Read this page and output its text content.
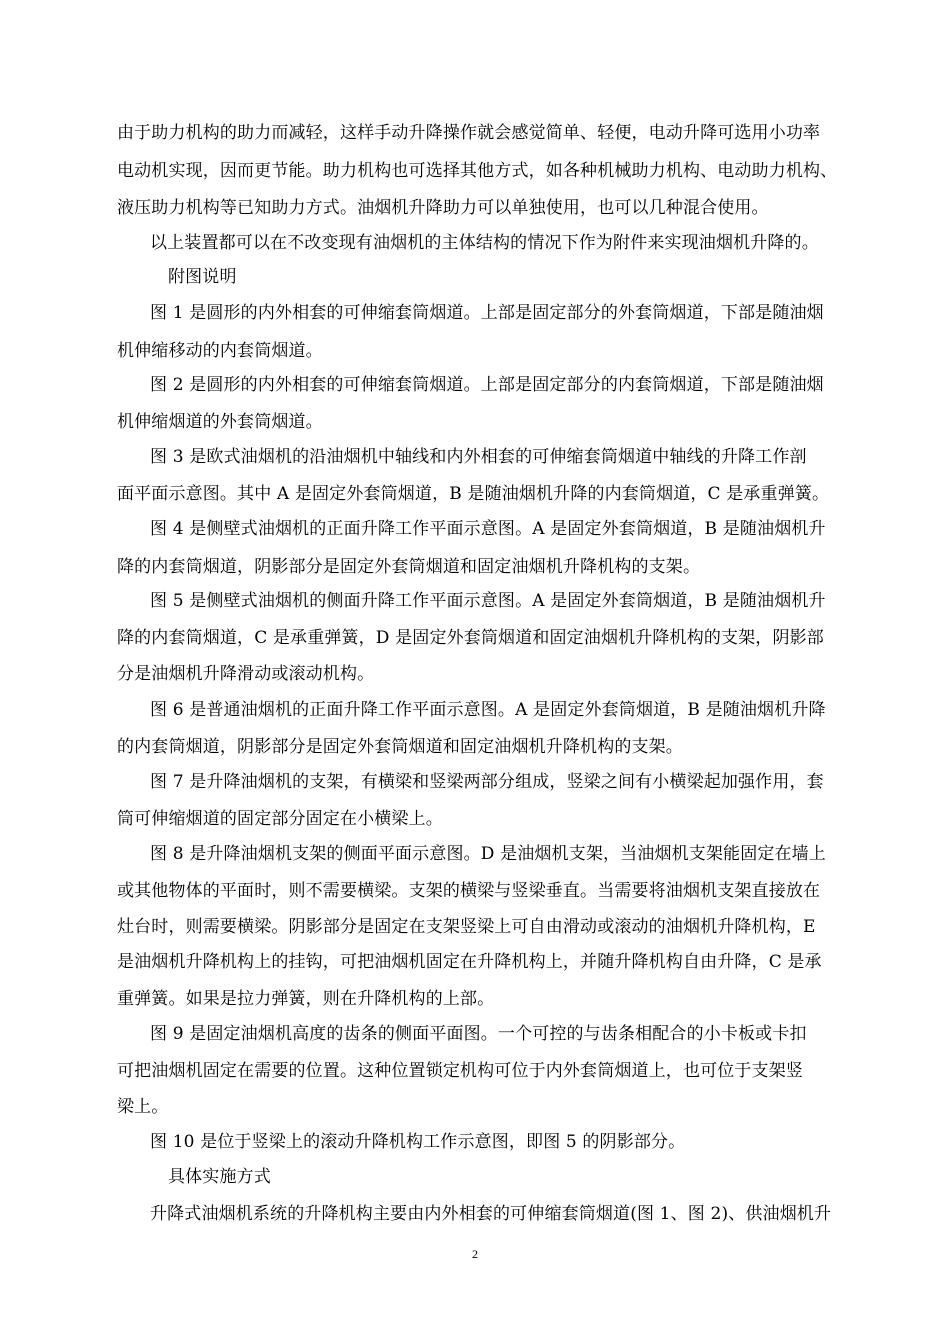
由于助力机构的助力而减轻，这样手动升降操作就会感觉简单、轻便，电动升降可选用小功率
电动机实现，因而更节能。助力机构也可选择其他方式，如各种机械助力机构、电动助力机构、
液压助力机构等已知助力方式。油烟机升降助力可以单独使用，也可以几种混合使用。
以上装置都可以在不改变现有油烟机的主体结构的情况下作为附件来实现油烟机升降的。
附图说明
图 1 是圆形的内外相套的可伸缩套筒烟道。上部是固定部分的外套筒烟道，下部是随油烟
机伸缩移动的内套筒烟道。
图 2 是圆形的内外相套的可伸缩套筒烟道。上部是固定部分的内套筒烟道，下部是随油烟
机伸缩烟道的外套筒烟道。
图 3 是欧式油烟机的沿油烟机中轴线和内外相套的可伸缩套筒烟道中轴线的升降工作剖
面平面示意图。其中 A 是固定外套筒烟道，B 是随油烟机升降的内套筒烟道，C 是承重弹簧。
图 4 是侧壁式油烟机的正面升降工作平面示意图。A 是固定外套筒烟道，B 是随油烟机升
降的内套筒烟道，阴影部分是固定外套筒烟道和固定油烟机升降机构的支架。
图 5 是侧壁式油烟机的侧面升降工作平面示意图。A 是固定外套筒烟道，B 是随油烟机升
降的内套筒烟道，C 是承重弹簧，D 是固定外套筒烟道和固定油烟机升降机构的支架，阴影部
分是油烟机升降滑动或滚动机构。
图 6 是普通油烟机的正面升降工作平面示意图。A 是固定外套筒烟道，B 是随油烟机升降
的内套筒烟道，阴影部分是固定外套筒烟道和固定油烟机升降机构的支架。
图 7 是升降油烟机的支架，有横梁和竖梁两部分组成，竖梁之间有小横梁起加强作用，套
筒可伸缩烟道的固定部分固定在小横梁上。
图 8 是升降油烟机支架的侧面平面示意图。D 是油烟机支架，当油烟机支架能固定在墙上
或其他物体的平面时，则不需要横梁。支架的横梁与竖梁垂直。当需要将油烟机支架直接放在
灶台时，则需要横梁。阴影部分是固定在支架竖梁上可自由滑动或滚动的油烟机升降机构，E
是油烟机升降机构上的挂钩，可把油烟机固定在升降机构上，并随升降机构自由升降，C 是承
重弹簧。如果是拉力弹簧，则在升降机构的上部。
图 9 是固定油烟机高度的齿条的侧面平面图。一个可控的与齿条相配合的小卡板或卡扣
可把油烟机固定在需要的位置。这种位置锁定机构可位于内外套筒烟道上，也可位于支架竖
梁上。
图 10 是位于竖梁上的滚动升降机构工作示意图，即图 5 的阴影部分。
具体实施方式
升降式油烟机系统的升降机构主要由内外相套的可伸缩套筒烟道(图 1、图 2)、供油烟机升
2
